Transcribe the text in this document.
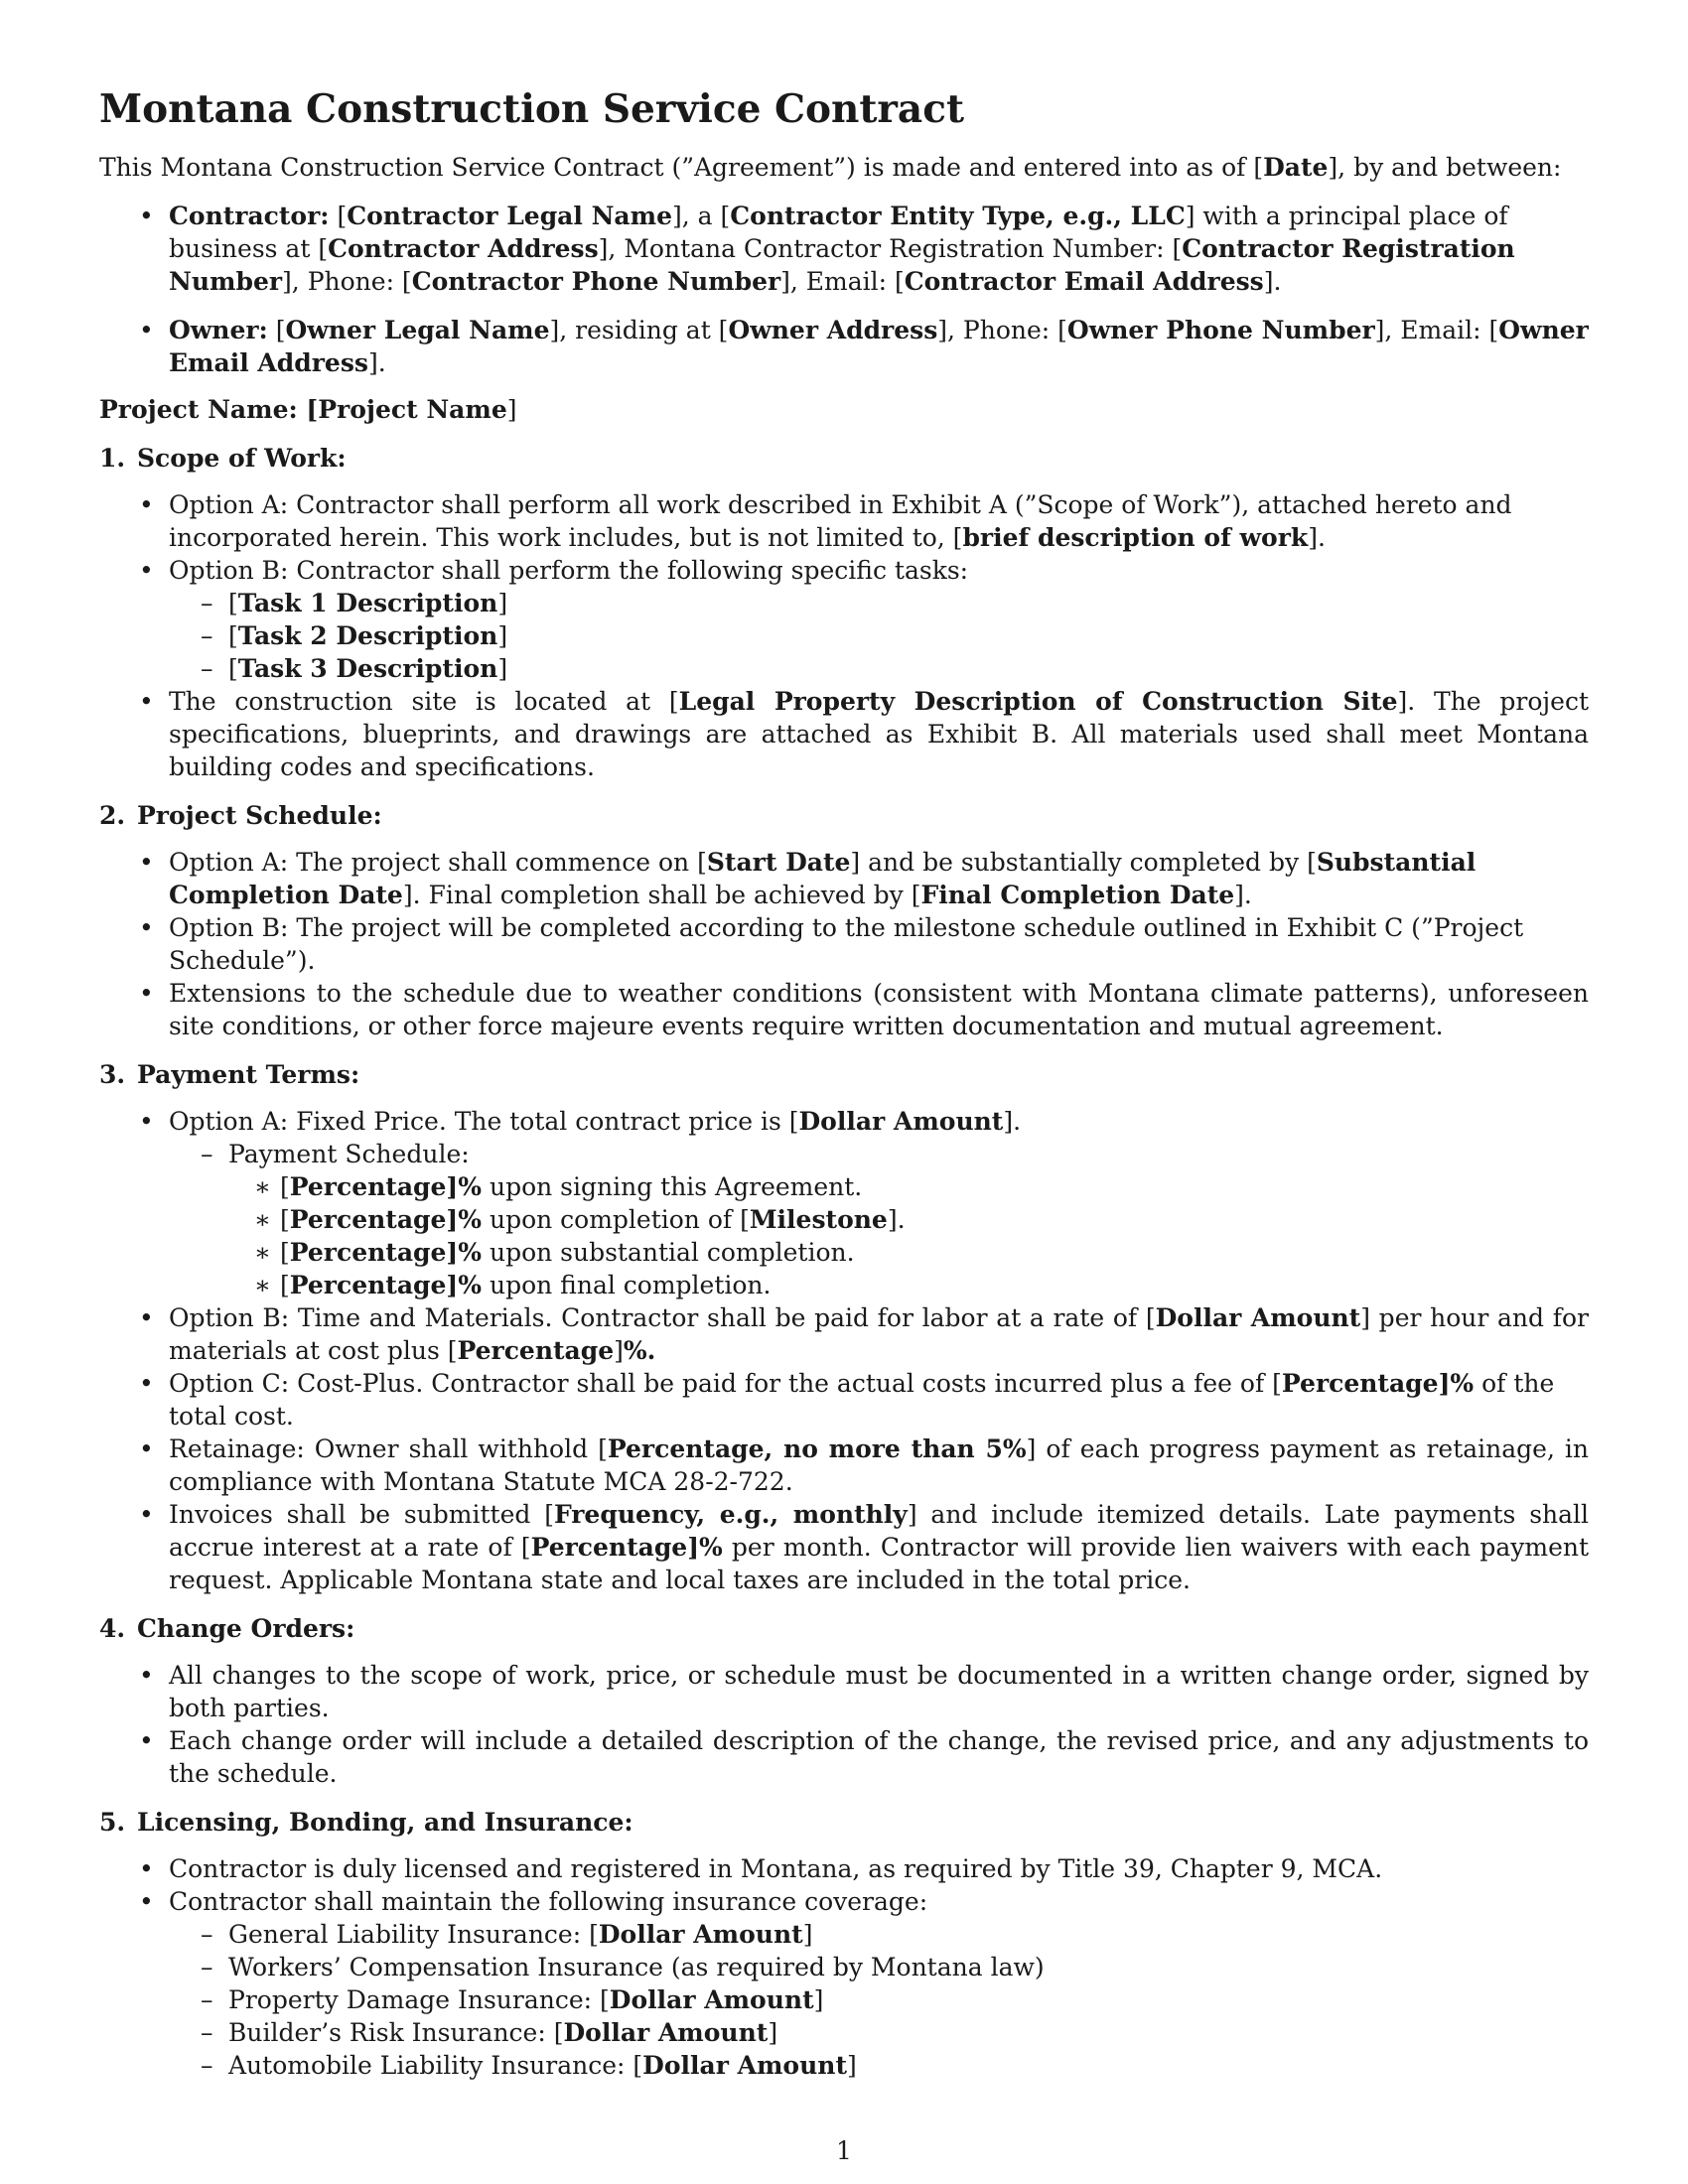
Montana Construction Service Contract

This Montana Construction Service Contract (”Agreement”) is made and entered into as of [Date], by and between:

• Contractor: [Contractor Legal Name], a [Contractor Entity Type, e.g., LLC] with a principal place of business at [Contractor Address], Montana Contractor Registration Number: [Contractor Registration Number], Phone: [Contractor Phone Number], Email: [Contractor Email Address].
• Owner: [Owner Legal Name], residing at [Owner Address], Phone: [Owner Phone Number], Email: [Owner Email Address].

Project Name: [Project Name]

1. Scope of Work:

• Option A: Contractor shall perform all work described in Exhibit A (”Scope of Work”), attached hereto and incorporated herein. This work includes, but is not limited to, [brief description of work].
• Option B: Contractor shall perform the following specific tasks:
– [Task 1 Description]
– [Task 2 Description]
– [Task 3 Description]
• The construction site is located at [Legal Property Description of Construction Site]. The project specifications, blueprints, and drawings are attached as Exhibit B. All materials used shall meet Montana building codes and specifications.

2. Project Schedule:

• Option A: The project shall commence on [Start Date] and be substantially completed by [Substantial Completion Date]. Final completion shall be achieved by [Final Completion Date].
• Option B: The project will be completed according to the milestone schedule outlined in Exhibit C (”Project Schedule”).
• Extensions to the schedule due to weather conditions (consistent with Montana climate patterns), unforeseen site conditions, or other force majeure events require written documentation and mutual agreement.

3. Payment Terms:

• Option A: Fixed Price. The total contract price is [Dollar Amount].
– Payment Schedule:
∗ [Percentage]% upon signing this Agreement.
∗ [Percentage]% upon completion of [Milestone].
∗ [Percentage]% upon substantial completion.
∗ [Percentage]% upon final completion.
• Option B: Time and Materials. Contractor shall be paid for labor at a rate of [Dollar Amount] per hour and for materials at cost plus [Percentage]%.
• Option C: Cost-Plus. Contractor shall be paid for the actual costs incurred plus a fee of [Percentage]% of the total cost.
• Retainage: Owner shall withhold [Percentage, no more than 5%] of each progress payment as retainage, in compliance with Montana Statute MCA 28-2-722.
• Invoices shall be submitted [Frequency, e.g., monthly] and include itemized details. Late payments shall accrue interest at a rate of [Percentage]% per month. Contractor will provide lien waivers with each payment request. Applicable Montana state and local taxes are included in the total price.

4. Change Orders:

• All changes to the scope of work, price, or schedule must be documented in a written change order, signed by both parties.
• Each change order will include a detailed description of the change, the revised price, and any adjustments to the schedule.

5. Licensing, Bonding, and Insurance:

• Contractor is duly licensed and registered in Montana, as required by Title 39, Chapter 9, MCA.
• Contractor shall maintain the following insurance coverage:
– General Liability Insurance: [Dollar Amount]
– Workers’ Compensation Insurance (as required by Montana law)
– Property Damage Insurance: [Dollar Amount]
– Builder’s Risk Insurance: [Dollar Amount]
– Automobile Liability Insurance: [Dollar Amount]
1
